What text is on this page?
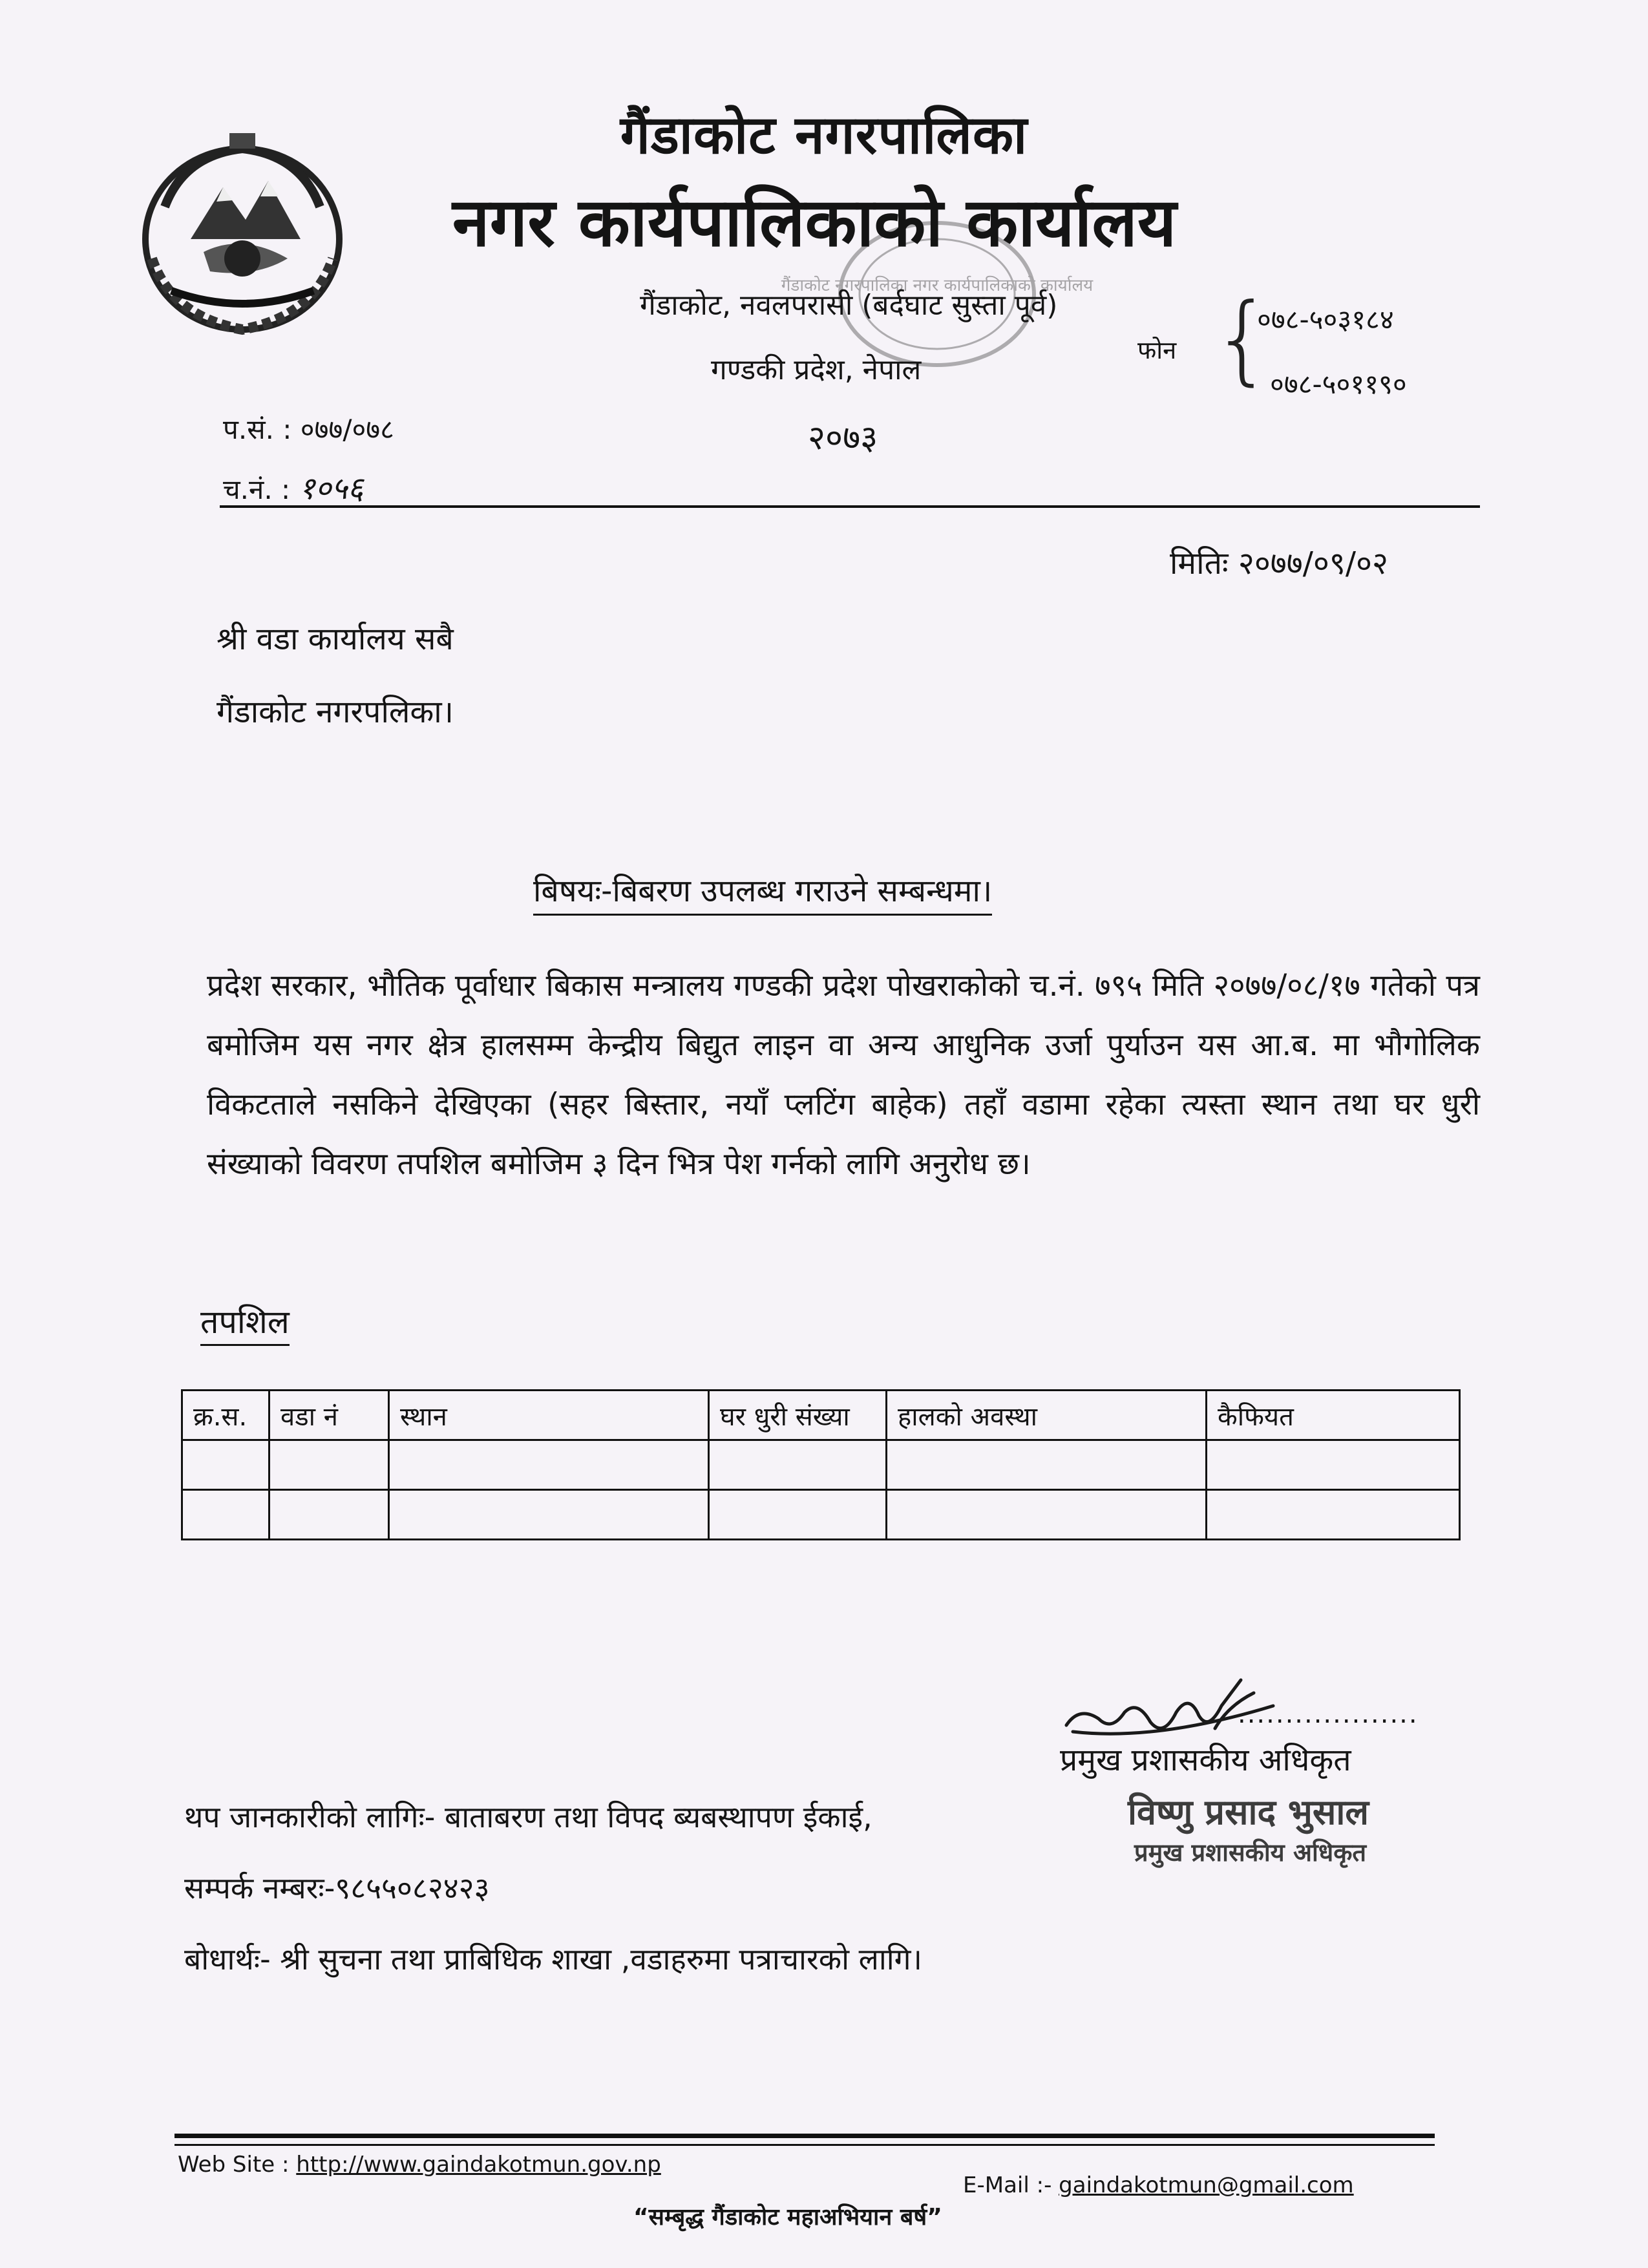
गैंडाकोट नगरपालिका नगर कार्यपालिकाको कार्यालय
गैंडाकोट नगरपालिका
नगर कार्यपालिकाको कार्यालय
गैंडाकोट, नवलपरासी (बर्दघाट सुस्ता पूर्व)
गण्डकी प्रदेश, नेपाल
२०७३
फोन {
०७८-५०३१८४
०७८-५०११९०
प.सं. : ०७७/०७८
च.नं. : १०५६
मितिः २०७७/०९/०२
श्री वडा कार्यालय सबै
गैंडाकोट नगरपलिका।
बिषयः-बिबरण उपलब्ध गराउने सम्बन्धमा।
प्रदेश सरकार, भौतिक पूर्वाधार बिकास मन्त्रालय गण्डकी प्रदेश पोखराकोको च.नं. ७९५ मिति २०७७/०८/१७ गतेको पत्र बमोजिम यस नगर क्षेत्र हालसम्म केन्द्रीय बिद्युत लाइन वा अन्य आधुनिक उर्जा पुर्याउन यस आ.ब. मा भौगोलिक विकटताले नसकिने देखिएका (सहर बिस्तार, नयाँ प्लटिंग बाहेक) तहाँ वडामा रहेका त्यस्ता स्थान तथा घर धुरी संख्याको विवरण तपशिल बमोजिम ३ दिन भित्र पेश गर्नको लागि अनुरोध छ।
तपशिल
क्र.स.	वडा नं	स्थान	घर धुरी संख्या	हालको अवस्था	कैफियत

...................
प्रमुख प्रशासकीय अधिकृत
विष्णु प्रसाद भुसाल
प्रमुख प्रशासकीय अधिकृत
थप जानकारीको लागिः- बाताबरण तथा विपद ब्यबस्थापण ईकाई,
सम्पर्क नम्बरः-९८५५०८२४२३
बोधार्थः- श्री सुचना तथा प्राबिधिक शाखा ,वडाहरुमा पत्राचारको लागि।
Web Site : http://www.gaindakotmun.gov.np
E-Mail :- gaindakotmun@gmail.com
“सम्बृद्ध गैंडाकोट महाअभियान बर्ष”
